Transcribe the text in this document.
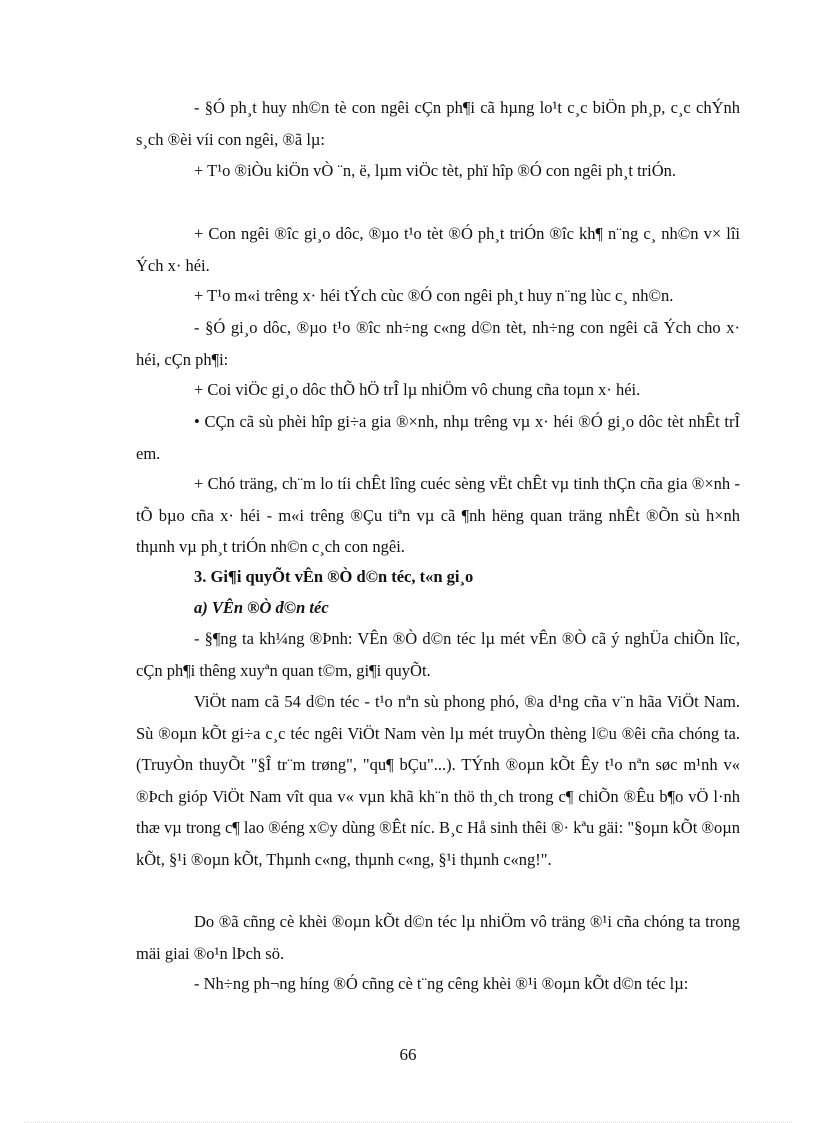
- §Ó ph¸t huy nh©n tè con ngêi cÇn ph¶i cã hµng lo¹t c¸c biÖn ph¸p, c¸c chÝnh s¸ch ®èi víi con ngêi, ®ã lµ:

+ T¹o ®iÒu kiÖn vÒ ¨n, ë, lµm viÖc tèt, phï hîp ®Ó con ngêi ph¸t triÓn.

+ Con ngêi ®îc gi¸o dôc, ®µo t¹o tèt ®Ó ph¸t triÓn ®îc kh¶ n¨ng c¸ nh©n v× lîi Ých x· héi.

+ T¹o m«i trêng x· héi tÝch cùc ®Ó con ngêi ph¸t huy n¨ng lùc c¸ nh©n.

- §Ó gi¸o dôc, ®µo t¹o ®îc nh÷ng c«ng d©n tèt, nh÷ng con ngêi cã Ých cho x· héi, cÇn ph¶i:

+ Coi viÖc gi¸o dôc thÕ hÖ trÎ lµ nhiÖm vô chung cña toµn x· héi.

• CÇn cã sù phèi hîp gi÷a gia ®×nh, nhµ trêng vµ x· héi ®Ó gi¸o dôc tèt nhÊt trÎ em.

+ Chó träng, ch¨m lo tíi chÊt lîng cuéc sèng vËt chÊt vµ tinh thÇn cña gia ®×nh - tÕ bµo cña x· héi - m«i trêng ®Çu tiªn vµ cã ¶nh hëng quan träng nhÊt ®Õn sù h×nh thµnh vµ ph¸t triÓn nh©n c¸ch con ngêi.

3. Gi¶i quyÕt vÊn ®Ò d©n téc, t«n gi¸o

a) VÊn ®Ò d©n téc

- §¶ng ta kh¼ng ®Þnh: VÊn ®Ò d©n téc lµ mét vÊn ®Ò cã ý nghÜa chiÕn lîc, cÇn ph¶i thêng xuyªn quan t©m, gi¶i quyÕt.

ViÖt nam cã 54 d©n téc - t¹o nªn sù phong phó, ®a d¹ng cña v¨n hãa ViÖt Nam. Sù ®oµn kÕt gi÷a c¸c téc ngêi ViÖt Nam vèn lµ mét truyÒn thèng l©u ®êi cña chóng ta. (TruyÒn thuyÕt "§Î tr¨m trøng", "qu¶ bÇu"...). TÝnh ®oµn kÕt Êy t¹o nªn søc m¹nh v« ®Þch gióp ViÖt Nam vît qua v« vµn khã kh¨n thö th¸ch trong c¶ chiÕn ®Êu b¶o vÖ l·nh thæ vµ trong c¶ lao ®éng x©y dùng ®Êt níc. B¸c Hå sinh thêi ®· kªu gäi: "§oµn kÕt ®oµn kÕt, §¹i ®oµn kÕt, Thµnh c«ng, thµnh c«ng, §¹i thµnh c«ng!".

Do ®ã cñng cè khèi ®oµn kÕt d©n téc lµ nhiÖm vô träng ®¹i cña chóng ta trong mäi giai ®o¹n lÞch sö.

- Nh÷ng ph¬ng híng ®Ó cñng cè t¨ng cêng khèi ®¹i ®oµn kÕt d©n téc lµ:

66
